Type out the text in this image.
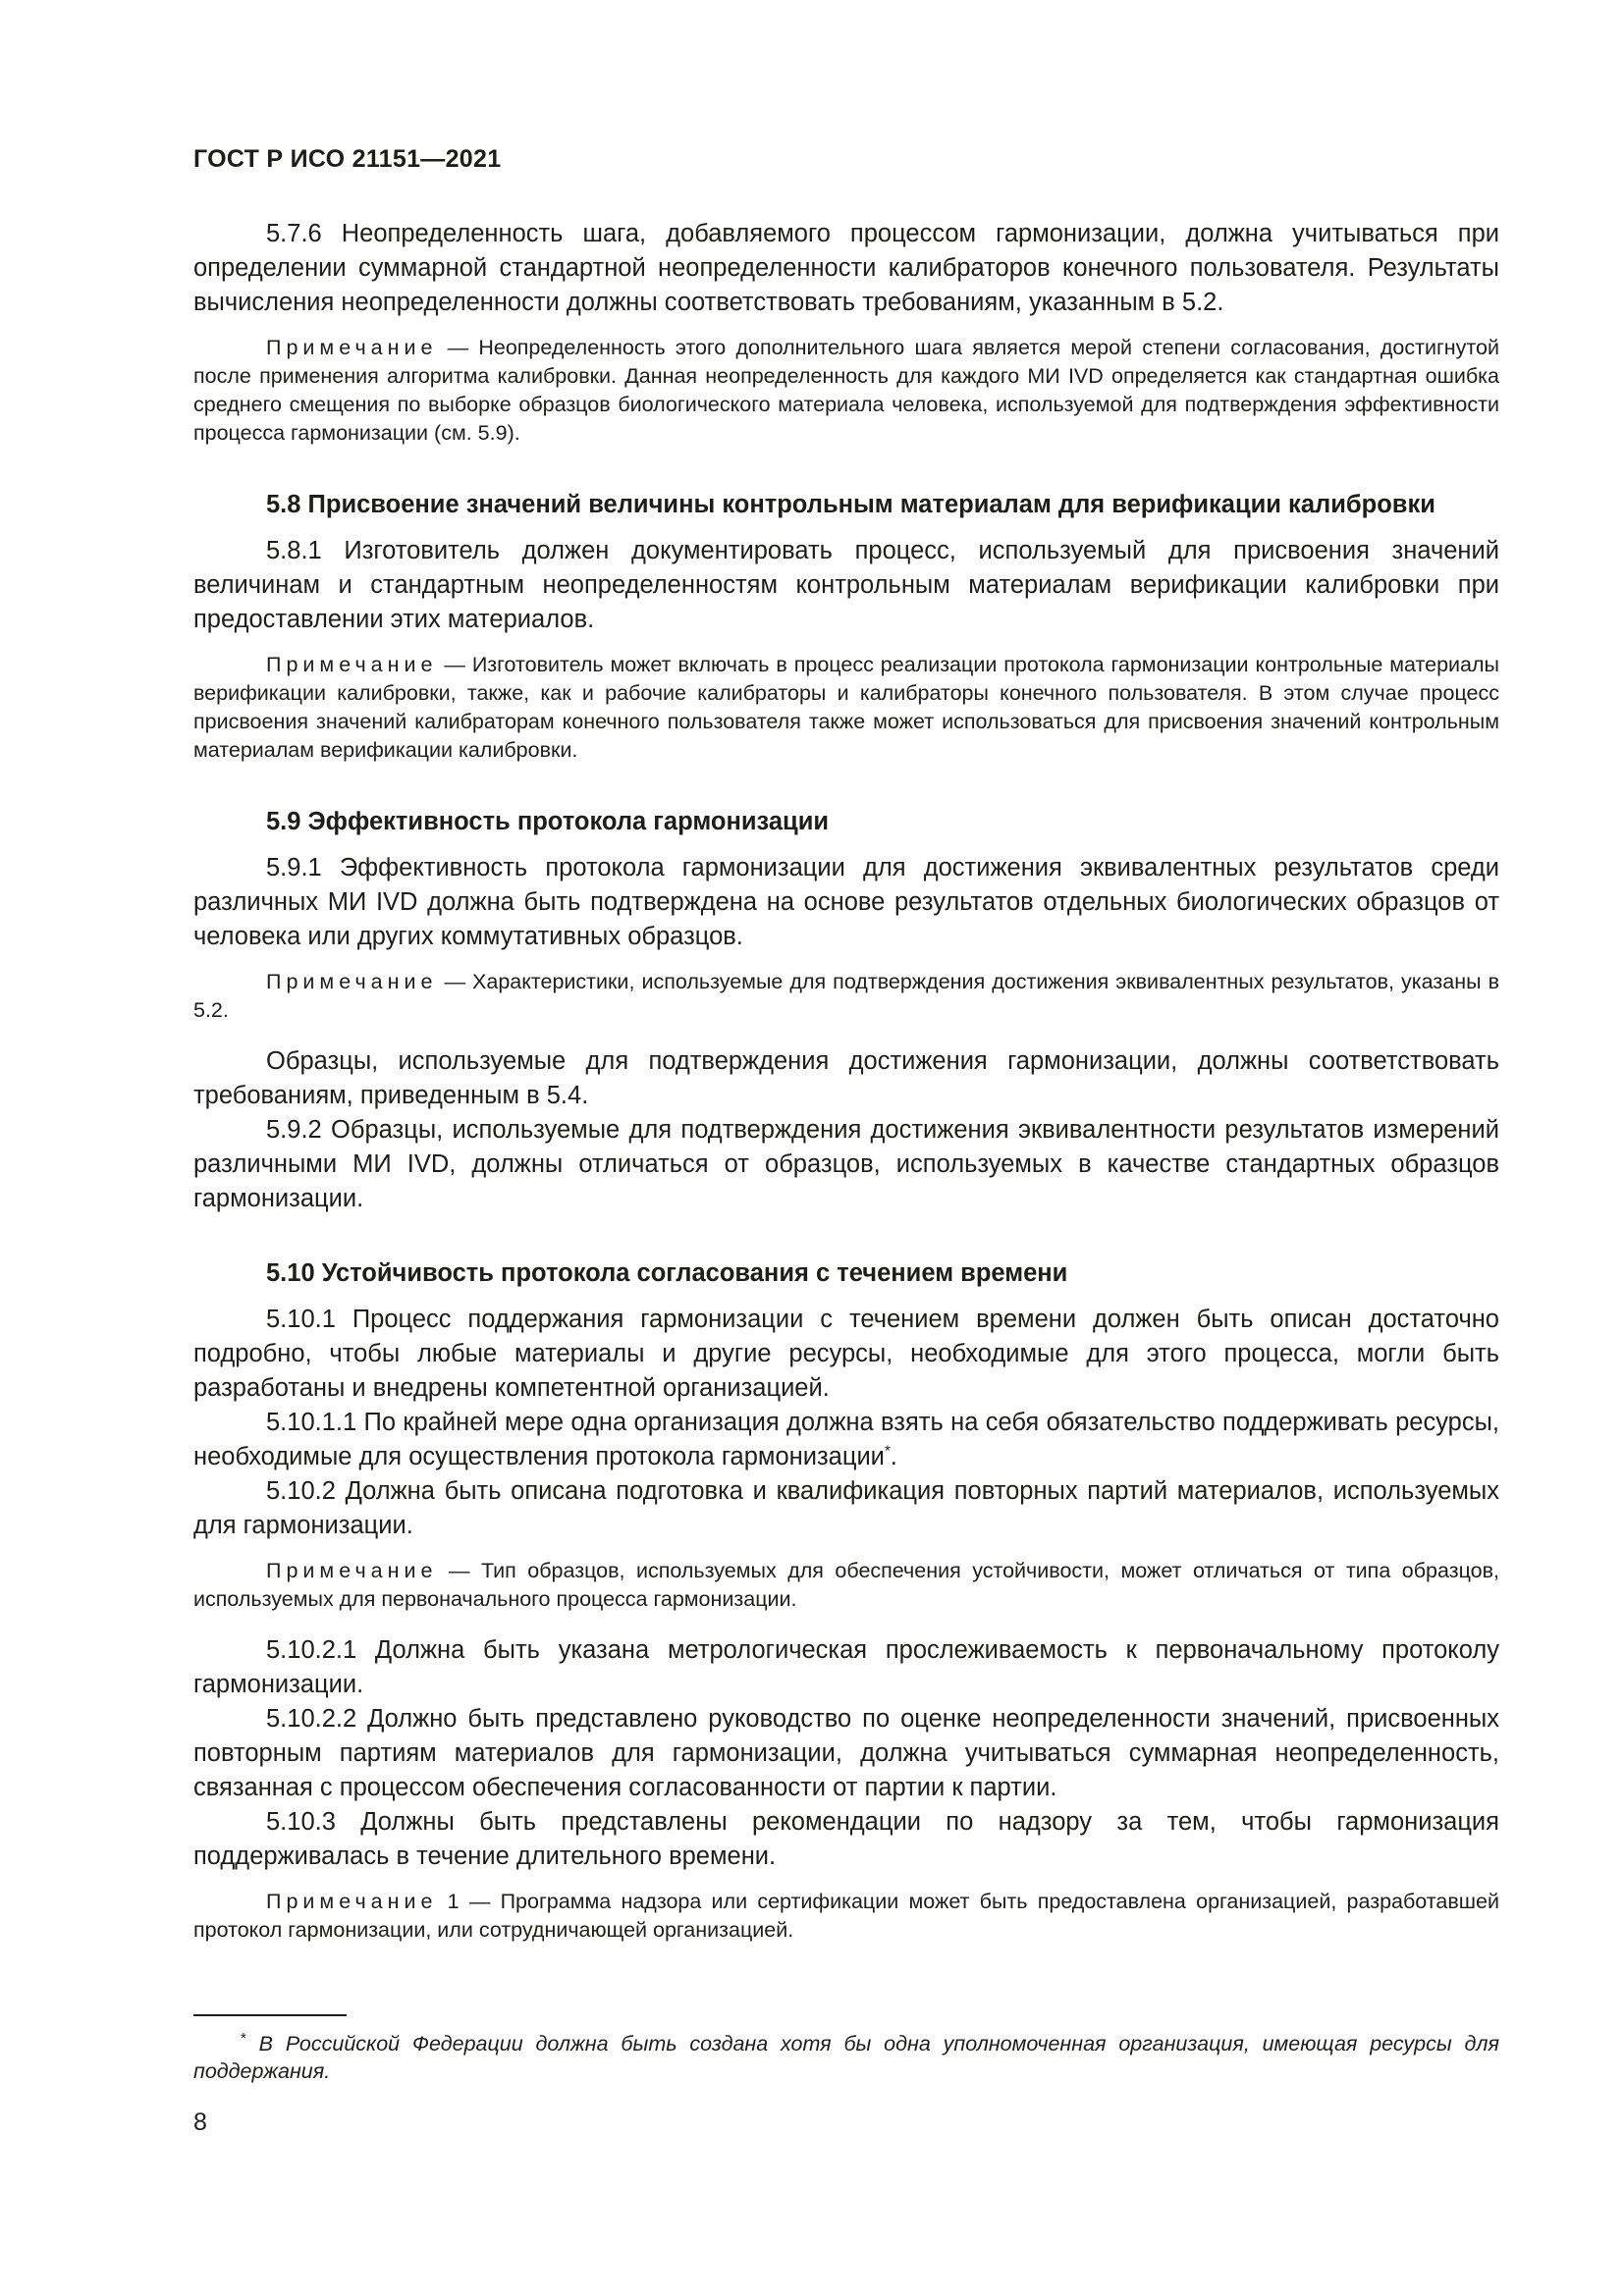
ГОСТ Р ИСО 21151—2021

5.7.6 Неопределенность шага, добавляемого процессом гармонизации, должна учитываться при определении суммарной стандартной неопределенности калибраторов конечного пользователя. Результаты вычисления неопределенности должны соответствовать требованиям, указанным в 5.2.

Примечание — Неопределенность этого дополнительного шага является мерой степени согласования, достигнутой после применения алгоритма калибровки. Данная неопределенность для каждого МИ IVD определяется как стандартная ошибка среднего смещения по выборке образцов биологического материала человека, используемой для подтверждения эффективности процесса гармонизации (см. 5.9).

5.8 Присвоение значений величины контрольным материалам для верификации калибровки

5.8.1 Изготовитель должен документировать процесс, используемый для присвоения значений величинам и стандартным неопределенностям контрольным материалам верификации калибровки при предоставлении этих материалов.

Примечание — Изготовитель может включать в процесс реализации протокола гармонизации контрольные материалы верификации калибровки, также, как и рабочие калибраторы и калибраторы конечного пользователя. В этом случае процесс присвоения значений калибраторам конечного пользователя также может использоваться для присвоения значений контрольным материалам верификации калибровки.

5.9 Эффективность протокола гармонизации

5.9.1 Эффективность протокола гармонизации для достижения эквивалентных результатов среди различных МИ IVD должна быть подтверждена на основе результатов отдельных биологических образцов от человека или других коммутативных образцов.

Примечание — Характеристики, используемые для подтверждения достижения эквивалентных результатов, указаны в 5.2.

Образцы, используемые для подтверждения достижения гармонизации, должны соответствовать требованиям, приведенным в 5.4.

5.9.2 Образцы, используемые для подтверждения достижения эквивалентности результатов измерений различными МИ IVD, должны отличаться от образцов, используемых в качестве стандартных образцов гармонизации.

5.10 Устойчивость протокола согласования с течением времени

5.10.1 Процесс поддержания гармонизации с течением времени должен быть описан достаточно подробно, чтобы любые материалы и другие ресурсы, необходимые для этого процесса, могли быть разработаны и внедрены компетентной организацией.

5.10.1.1 По крайней мере одна организация должна взять на себя обязательство поддерживать ресурсы, необходимые для осуществления протокола гармонизации*.

5.10.2 Должна быть описана подготовка и квалификация повторных партий материалов, используемых для гармонизации.

Примечание — Тип образцов, используемых для обеспечения устойчивости, может отличаться от типа образцов, используемых для первоначального процесса гармонизации.

5.10.2.1 Должна быть указана метрологическая прослеживаемость к первоначальному протоколу гармонизации.

5.10.2.2 Должно быть представлено руководство по оценке неопределенности значений, присвоенных повторным партиям материалов для гармонизации, должна учитываться суммарная неопределенность, связанная с процессом обеспечения согласованности от партии к партии.

5.10.3 Должны быть представлены рекомендации по надзору за тем, чтобы гармонизация поддерживалась в течение длительного времени.

Примечание 1 — Программа надзора или сертификации может быть предоставлена организацией, разработавшей протокол гармонизации, или сотрудничающей организацией.

* В Российской Федерации должна быть создана хотя бы одна уполномоченная организация, имеющая ресурсы для поддержания.

8
